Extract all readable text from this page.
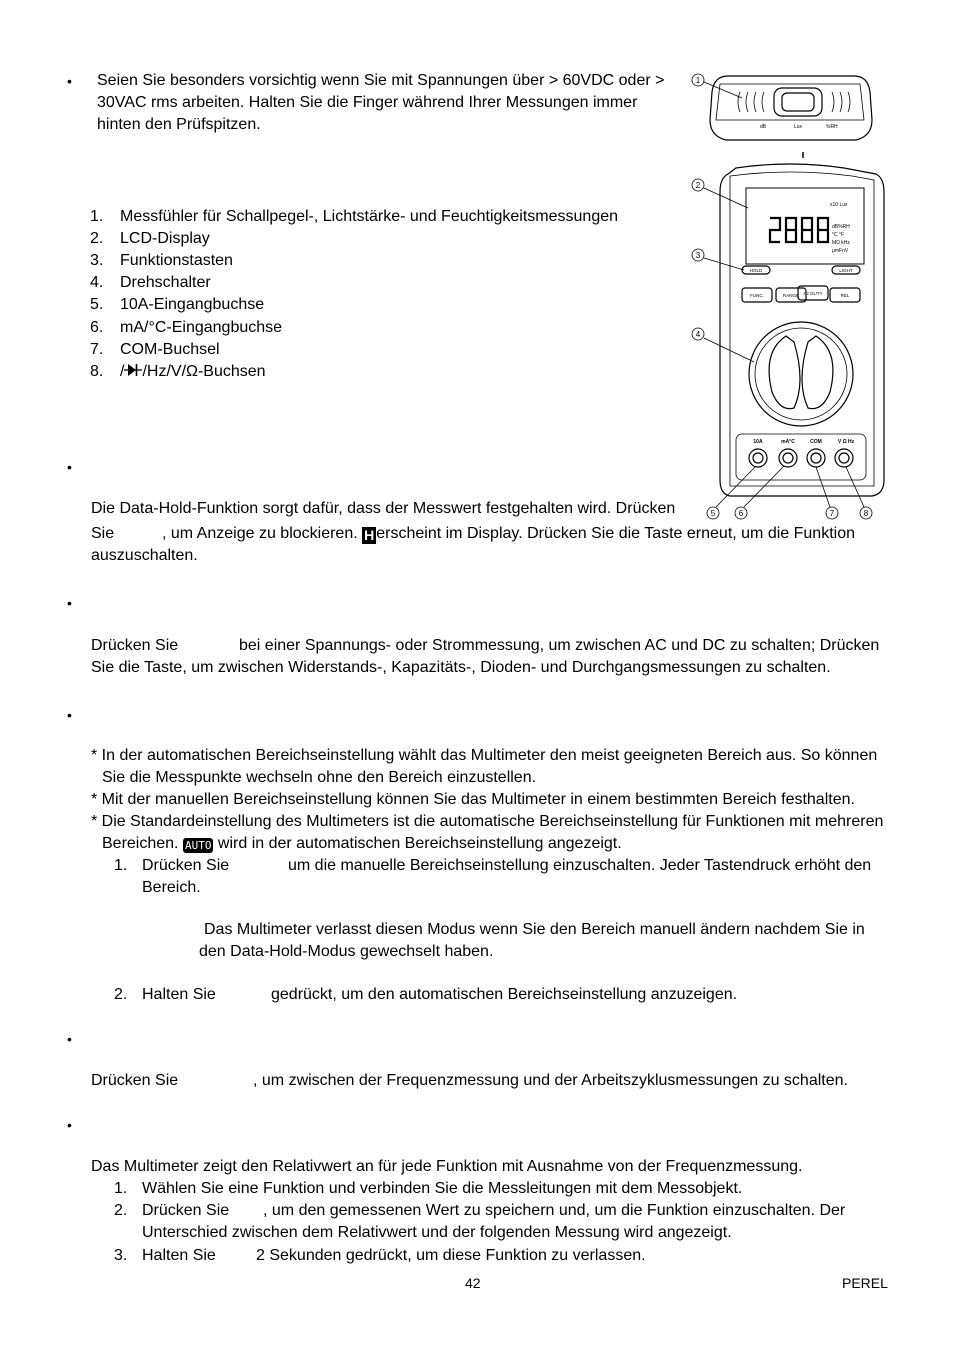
• Seien Sie besonders vorsichtig wenn Sie mit Spannungen über > 60VDC oder >
30VAC rms arbeiten. Halten Sie die Finger während Ihrer Messungen immer
hinten den Prüfspitzen.
1. Messfühler für Schallpegel-, Lichtstärke- und Feuchtigkeitsmessungen
2. LCD-Display
3. Funktionstasten
4. Drehschalter
5. 10A-Eingangbuchse
6. mA/°C-Eingangbuchse
7. COM-Buchsel
8. / /Hz/V/Ω-Buchsen
•
Die Data-Hold-Funktion sorgt dafür, dass der Messwert festgehalten wird. Drücken
Sie	, um Anzeige zu blockieren. H erscheint im Display. Drücken Sie die Taste erneut, um die Funktion
auszuschalten.
•
Drücken Sie	bei einer Spannungs- oder Strommessung, um zwischen AC und DC zu schalten; Drücken
Sie die Taste, um zwischen Widerstands-, Kapazitäts-, Dioden- und Durchgangsmessungen zu schalten.
•
* In der automatischen Bereichseinstellung wählt das Multimeter den meist geeigneten Bereich aus. So können
Sie die Messpunkte wechseln ohne den Bereich einzustellen.
* Mit der manuellen Bereichseinstellung können Sie das Multimeter in einem bestimmten Bereich festhalten.
* Die Standardeinstellung des Multimeters ist die automatische Bereichseinstellung für Funktionen mit mehreren
Bereichen. AUTO wird in der automatischen Bereichseinstellung angezeigt.
1. Drücken Sie	um die manuelle Bereichseinstellung einzuschalten. Jeder Tastendruck erhöht den
Bereich.
Das Multimeter verlasst diesen Modus wenn Sie den Bereich manuell ändern nachdem Sie in
den Data-Hold-Modus gewechselt haben.
2. Halten Sie	gedrückt, um den automatischen Bereichseinstellung anzuzeigen.
•
Drücken Sie	, um zwischen der Frequenzmessung und der Arbeitszyklusmessungen zu schalten.
•
Das Multimeter zeigt den Relativwert an für jede Funktion mit Ausnahme von der Frequenzmessung.
1. Wählen Sie eine Funktion und verbinden Sie die Messleitungen mit dem Messobjekt.
2. Drücken Sie , um den gemessenen Wert zu speichern und, um die Funktion einzuschalten. Der
Unterschied zwischen dem Relativwert und der folgenden Messung wird angezeigt.
3. Halten Sie	2 Sekunden gedrückt, um diese Funktion zu verlassen.
42	PEREL
1
2
3
4
5	6	7	8
dB	Lux	%RH
x10 Lux
dB%RH
°C °F
MΩ kHz
μmFnV
HOLD	LIGHT
FUNC.	RANGE Hz DUTY	REL
10A	mA°C	COM	V Ω Hz
